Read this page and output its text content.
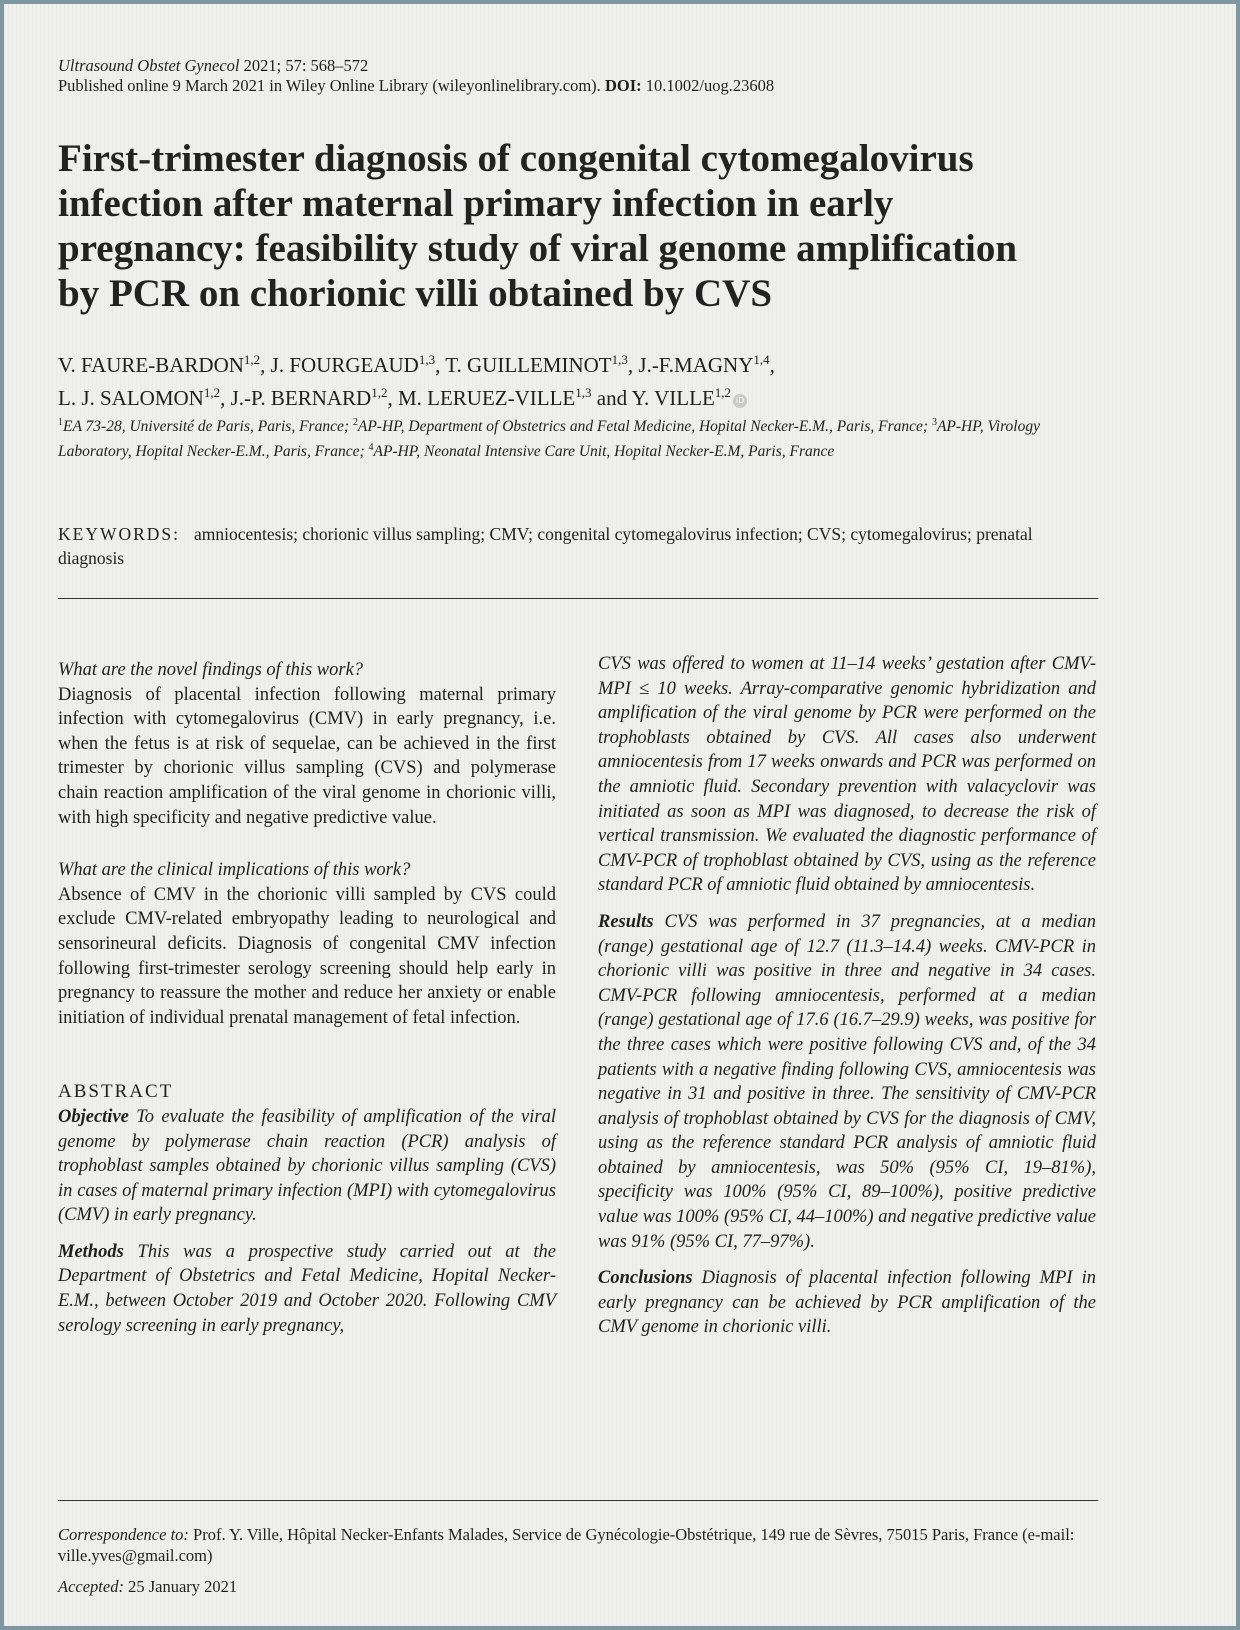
Ultrasound Obstet Gynecol 2021; 57: 568–572
Published online 9 March 2021 in Wiley Online Library (wileyonlinelibrary.com). DOI: 10.1002/uog.23608
First-trimester diagnosis of congenital cytomegalovirus infection after maternal primary infection in early pregnancy: feasibility study of viral genome amplification by PCR on chorionic villi obtained by CVS
V. FAURE-BARDON$^{1,2}$, J. FOURGEAUD$^{1,3}$, T. GUILLEMINOT$^{1,3}$, J.-F.MAGNY$^{1,4}$,
L. J. SALOMON$^{1,2}$, J.-P. BERNARD$^{1,2}$, M. LERUEZ-VILLE$^{1,3}$ and Y. VILLE$^{1,2}$iD
$^1$EA 73-28, Université de Paris, Paris, France; $^2$AP-HP, Department of Obstetrics and Fetal Medicine, Hopital Necker-E.M., Paris, France; $^3$AP-HP, Virology Laboratory, Hopital Necker-E.M., Paris, France; $^4$AP-HP, Neonatal Intensive Care Unit, Hopital Necker-E.M, Paris, France
KEYWORDS: amniocentesis; chorionic villus sampling; CMV; congenital cytomegalovirus infection; CVS; cytomegalovirus; prenatal diagnosis

What are the novel findings of this work?

Diagnosis of placental infection following maternal primary infection with cytomegalovirus (CMV) in early pregnancy, i.e. when the fetus is at risk of sequelae, can be achieved in the first trimester by chorionic villus sampling (CVS) and polymerase chain reaction amplification of the viral genome in chorionic villi, with high specificity and negative predictive value.

What are the clinical implications of this work?

Absence of CMV in the chorionic villi sampled by CVS could exclude CMV-related embryopathy leading to neurological and sensorineural deficits. Diagnosis of congenital CMV infection following first-trimester serology screening should help early in pregnancy to reassure the mother and reduce her anxiety or enable initiation of individual prenatal management of fetal infection.

ABSTRACT

Objective To evaluate the feasibility of amplification of the viral genome by polymerase chain reaction (PCR) analysis of trophoblast samples obtained by chorionic villus sampling (CVS) in cases of maternal primary infection (MPI) with cytomegalovirus (CMV) in early pregnancy.

Methods This was a prospective study carried out at the Department of Obstetrics and Fetal Medicine, Hopital Necker-E.M., between October 2019 and October 2020. Following CMV serology screening in early pregnancy,

CVS was offered to women at 11–14 weeks’ gestation after CMV-MPI ≤ 10 weeks. Array-comparative genomic hybridization and amplification of the viral genome by PCR were performed on the trophoblasts obtained by CVS. All cases also underwent amniocentesis from 17 weeks onwards and PCR was performed on the amniotic fluid. Secondary prevention with valacyclovir was initiated as soon as MPI was diagnosed, to decrease the risk of vertical transmission. We evaluated the diagnostic performance of CMV-PCR of trophoblast obtained by CVS, using as the reference standard PCR of amniotic fluid obtained by amniocentesis.

Results CVS was performed in 37 pregnancies, at a median (range) gestational age of 12.7 (11.3–14.4) weeks. CMV-PCR in chorionic villi was positive in three and negative in 34 cases. CMV-PCR following amniocentesis, performed at a median (range) gestational age of 17.6 (16.7–29.9) weeks, was positive for the three cases which were positive following CVS and, of the 34 patients with a negative finding following CVS, amniocentesis was negative in 31 and positive in three. The sensitivity of CMV-PCR analysis of trophoblast obtained by CVS for the diagnosis of CMV, using as the reference standard PCR analysis of amniotic fluid obtained by amniocentesis, was 50% (95% CI, 19–81%), specificity was 100% (95% CI, 89–100%), positive predictive value was 100% (95% CI, 44–100%) and negative predictive value was 91% (95% CI, 77–97%).

Conclusions Diagnosis of placental infection following MPI in early pregnancy can be achieved by PCR amplification of the CMV genome in chorionic villi.

Correspondence to: Prof. Y. Ville, Hôpital Necker-Enfants Malades, Service de Gynécologie-Obstétrique, 149 rue de Sèvres, 75015 Paris, France (e-mail: ville.yves@gmail.com)
Accepted: 25 January 2021
